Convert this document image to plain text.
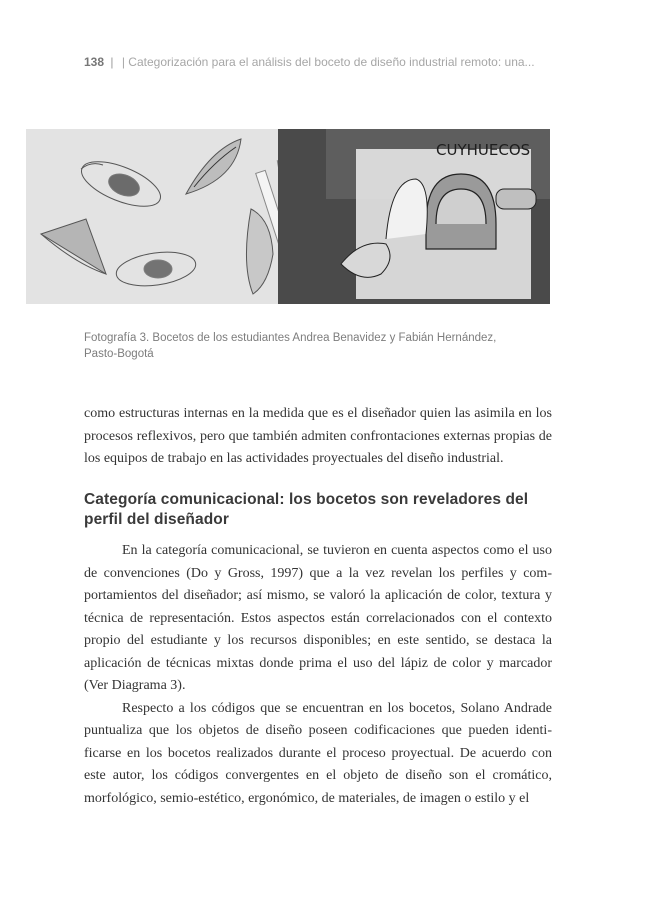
138 | | Categorización para el análisis del boceto de diseño industrial remoto: una...
CUYHUECOS
Fotografía 3. Bocetos de los estudiantes Andrea Benavidez y Fabián Hernández,
Pasto-Bogotá

como estructuras internas en la medida que es el diseñador quien las asimila en los procesos reflexivos, pero que también admiten confrontaciones externas propias de los equipos de trabajo en las actividades proyectuales del diseño industrial.

Categoría comunicacional: los bocetos son reveladores del perfil del diseñador

En la categoría comunicacional, se tuvieron en cuenta aspectos como el uso de convenciones (Do y Gross, 1997) que a la vez revelan los perfiles y comportamientos del diseñador; así mismo, se valoró la aplicación de color, textura y técnica de representación. Estos aspectos están correlacionados con el contexto propio del estudiante y los recursos disponibles; en este sentido, se destaca la aplicación de técnicas mixtas donde prima el uso del lápiz de color y marcador (Ver Diagrama 3).

Respecto a los códigos que se encuentran en los bocetos, Solano Andrade puntualiza que los objetos de diseño poseen codificaciones que pueden identificarse en los bocetos realizados durante el proceso proyectual. De acuerdo con este autor, los códigos convergentes en el objeto de diseño son el cromático, morfológico, semio-estético, ergonómico, de materiales, de imagen o estilo y el
